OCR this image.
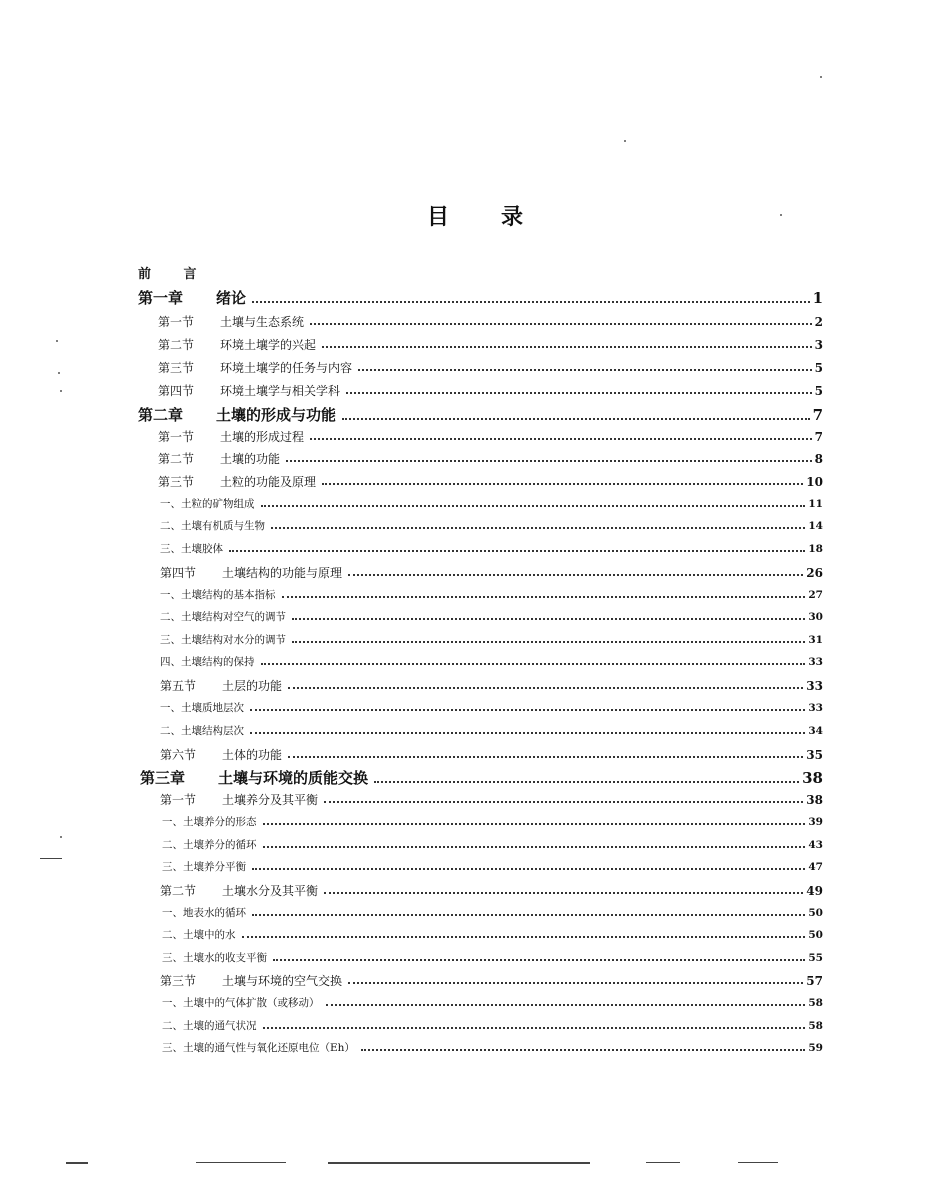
目 录
前 言
第一章	绪论	1
第一节	土壤与生态系统	2
第二节	环境土壤学的兴起	3
第三节	环境土壤学的任务与内容	5
第四节	环境土壤学与相关学科	5
第二章	土壤的形成与功能	7
第一节	土壤的形成过程	7
第二节	土壤的功能	8
第三节	土粒的功能及原理	10
一、土粒的矿物组成	11
二、土壤有机质与生物	14
三、土壤胶体	18
第四节	土壤结构的功能与原理	26
一、土壤结构的基本指标	27
二、土壤结构对空气的调节	30
三、土壤结构对水分的调节	31
四、土壤结构的保持	33
第五节	土层的功能	33
一、土壤质地层次	33
二、土壤结构层次	34
第六节	土体的功能	35
第三章	土壤与环境的质能交换	38
第一节	土壤养分及其平衡	38
一、土壤养分的形态	39
二、土壤养分的循环	43
三、土壤养分平衡	47
第二节	土壤水分及其平衡	49
一、地表水的循环	50
二、土壤中的水	50
三、土壤水的收支平衡	55
第三节	土壤与环境的空气交换	57
一、土壤中的气体扩散（或移动）	58
二、土壤的通气状况	58
三、土壤的通气性与氧化还原电位（Eh）	59
